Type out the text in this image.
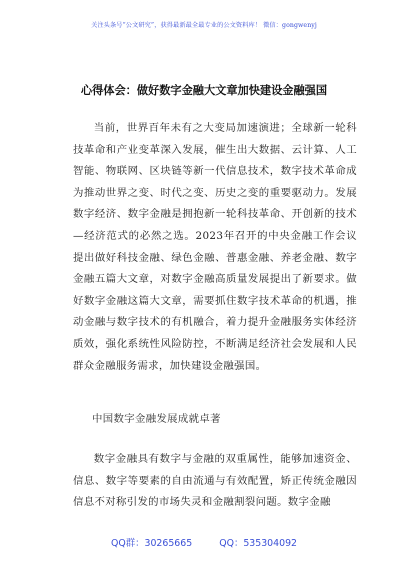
关注头条号“公文研究”，获得最新最全最专业的公文资料库！ 微信：gongwenyj
心得体会：做好数字金融大文章加快建设金融强国

当前，世界百年未有之大变局加速演进；全球新一轮科技革命和产业变革深入发展，催生出大数据、云计算、人工智能、物联网、区块链等新一代信息技术，数字技术革命成为推动世界之变、时代之变、历史之变的重要驱动力。发展数字经济、数字金融是拥抱新一轮科技革命、开创新的技术—经济范式的必然之选。2023年召开的中央金融工作会议提出做好科技金融、绿色金融、普惠金融、养老金融、数字金融五篇大文章，对数字金融高质量发展提出了新要求。做好数字金融这篇大文章，需要抓住数字技术革命的机遇，推动金融与数字技术的有机融合，着力提升金融服务实体经济质效，强化系统性风险防控，不断满足经济社会发展和人民群众金融服务需求，加快建设金融强国。

中国数字金融发展成就卓著

数字金融具有数字与金融的双重属性，能够加速资金、信息、数字等要素的自由流通与有效配置，矫正传统金融因信息不对称引发的市场失灵和金融割裂问题。数字金融

QQ群：30265665	QQ：535304092
